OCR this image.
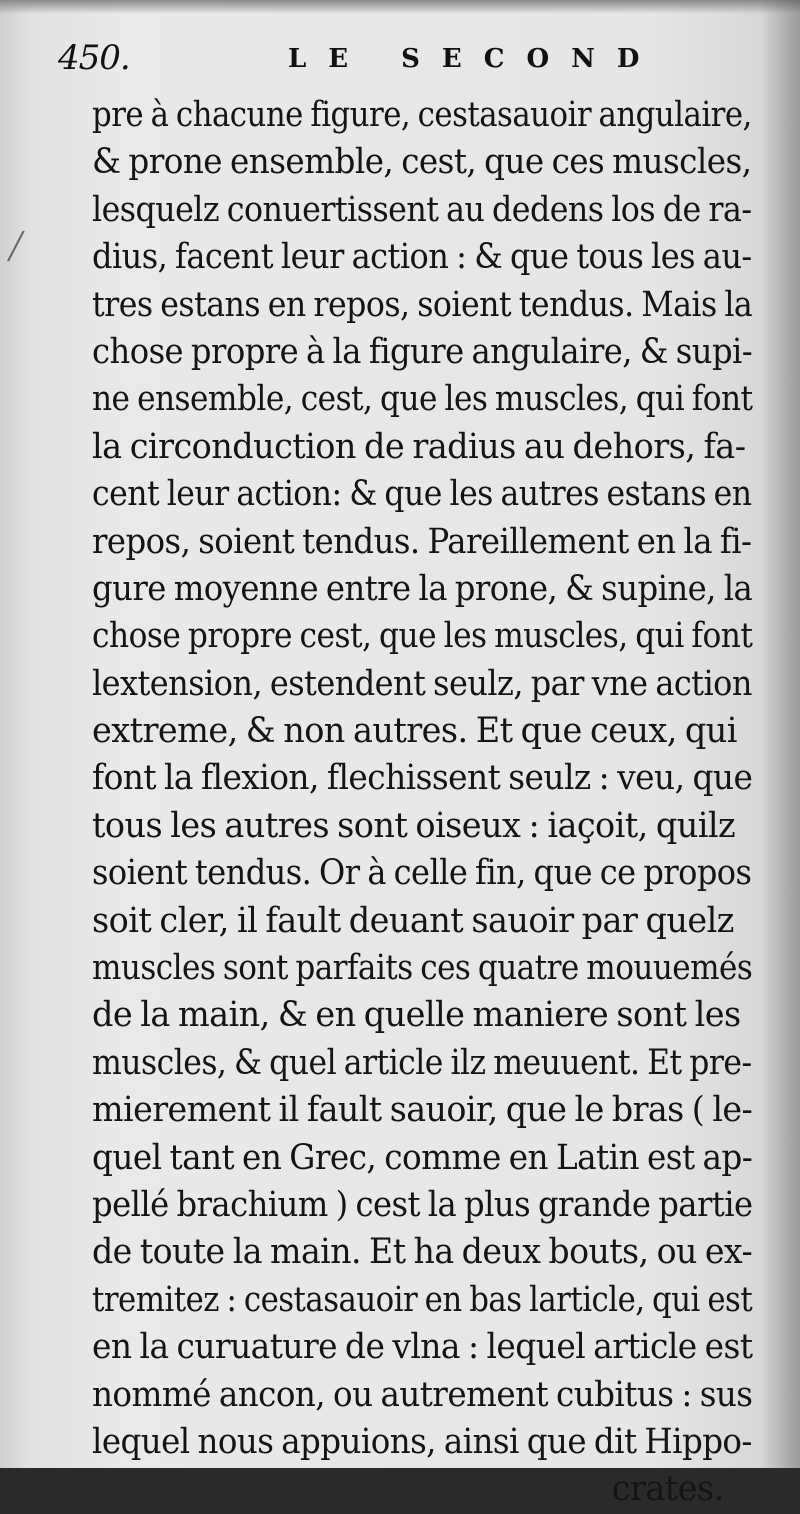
450.	LE SECOND
╱
pre à chacune figure, cestasauoir angulaire,
& prone ensemble, cest, que ces muscles,
lesquelz conuertissent au dedens los de ra-
dius, facent leur action : & que tous les au-
tres estans en repos, soient tendus. Mais la
chose propre à la figure angulaire, & supi-
ne ensemble, cest, que les muscles, qui font
la circonduction de radius au dehors, fa-
cent leur action: & que les autres estans en
repos, soient tendus. Pareillement en la fi-
gure moyenne entre la prone, & supine, la
chose propre cest, que les muscles, qui font
lextension, estendent seulz, par vne action
extreme, & non autres. Et que ceux, qui
font la flexion, flechissent seulz : veu, que
tous les autres sont oiseux : iaçoit, quilz
soient tendus. Or à celle fin, que ce propos
soit cler, il fault deuant sauoir par quelz
muscles sont parfaits ces quatre mouuemés
de la main, & en quelle maniere sont les
muscles, & quel article ilz meuuent. Et pre-
mierement il fault sauoir, que le bras ( le-
quel tant en Grec, comme en Latin est ap-
pellé brachium ) cest la plus grande partie
de toute la main. Et ha deux bouts, ou ex-
tremitez : cestasauoir en bas larticle, qui est
en la curuature de vlna : lequel article est
nommé ancon, ou autrement cubitus : sus
lequel nous appuions, ainsi que dit Hippo-
crates.
